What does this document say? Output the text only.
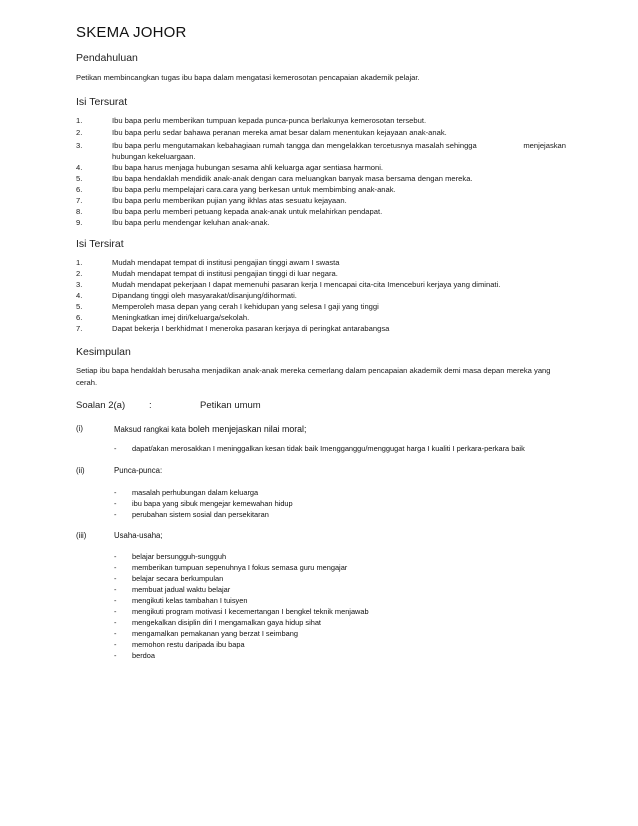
SKEMA JOHOR
Pendahuluan
Petikan membincangkan tugas ibu bapa dalam mengatasi kemerosotan pencapaian akademik pelajar.
Isi Tersurat
1.	Ibu bapa perlu memberikan tumpuan kepada punca-punca berlakunya kemerosotan tersebut.
2.	Ibu bapa perlu sedar bahawa peranan mereka amat besar dalam menentukan kejayaan anak-anak.
3.	Ibu bapa perlu mengutamakan kebahagiaan rumah tangga dan mengelakkan tercetusnya masalah sehingga	menjejaskan
hubungan kekeluargaan.
4.	Ibu bapa harus menjaga hubungan sesama ahli keluarga agar sentiasa harmoni.
5.	Ibu bapa hendaklah mendidik anak-anak dengan cara meluangkan banyak masa bersama dengan mereka.
6.	Ibu bapa perlu mempelajari cara.cara yang berkesan untuk membimbing anak-anak.
7.	Ibu bapa perlu memberikan pujian yang ikhlas atas sesuatu kejayaan.
8.	Ibu bapa perlu memberi petuang kepada anak-anak untuk melahirkan pendapat.
9.	Ibu bapa perlu mendengar keluhan anak-anak.
Isi Tersirat
1.	Mudah mendapat tempat di institusi pengajian tinggi awam I swasta
2.	Mudah mendapat tempat di institusi pengajian tinggi di luar negara.
3.	Mudah mendapat pekerjaan I dapat memenuhi pasaran kerja I mencapai cita-cita Imenceburi kerjaya yang diminati.
4.	Dipandang tinggi oleh masyarakat/disanjung/dihormati.
5.	Memperoleh masa depan yang cerah I kehidupan yang selesa I gaji yang tinggi
6.	Meningkatkan imej diri/keluarga/sekolah.
7.	Dapat bekerja I berkhidmat I meneroka pasaran kerjaya di peringkat antarabangsa
Kesimpulan
Setiap ibu bapa hendaklah berusaha menjadikan anak-anak mereka cemerlang dalam pencapaian akademik demi masa depan mereka yang
cerah.
Soalan 2(a)	:	Petikan umum
(i)	Maksud rangkai kata boleh menjejaskan nilai moral;
- dapat/akan merosakkan I meninggalkan kesan tidak baik Imengganggu/menggugat harga I kualiti I perkara-perkara baik
(ii)	Punca-punca:
- masalah perhubungan dalam keluarga
- ibu bapa yang sibuk mengejar kemewahan hidup
- perubahan sistem sosial dan persekitaran
(iii)	Usaha-usaha;
- belajar bersungguh-sungguh
- memberikan tumpuan sepenuhnya I fokus semasa guru mengajar
- belajar secara berkumpulan
- membuat jadual waktu belajar
- mengikuti kelas tambahan I tuisyen
- mengikuti program motivasi I kecemertangan I bengkel teknik menjawab
- mengekalkan disiplin diri I mengamalkan gaya hidup sihat
- mengamalkan pemakanan yang berzat I seimbang
- memohon restu daripada ibu bapa
- berdoa
